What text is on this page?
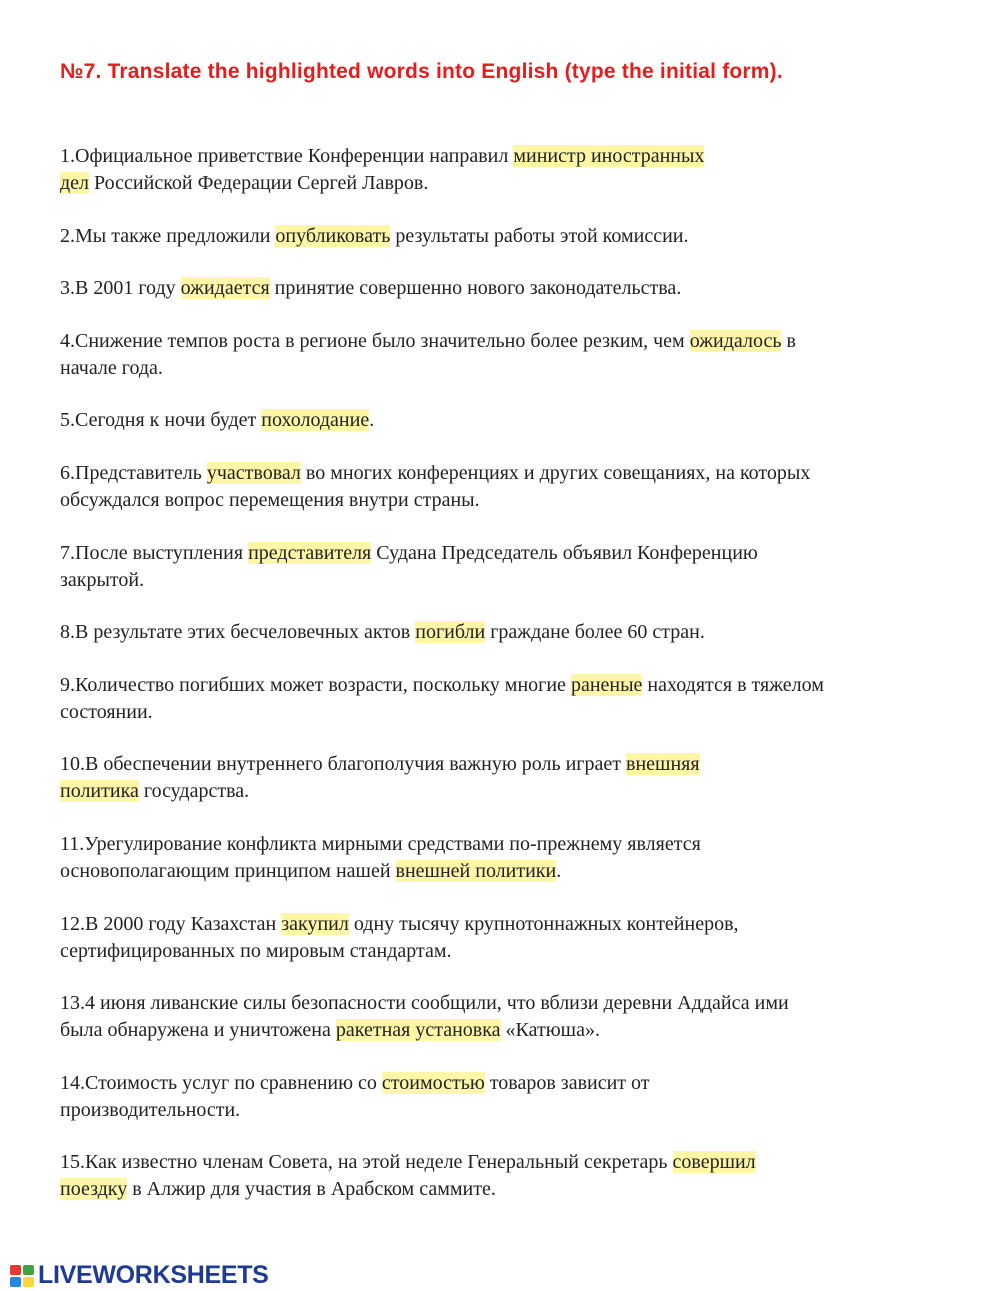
№7. Translate the highlighted words into English (type the initial form).
1.Официальное приветствие Конференции направил министр иностранных
дел Российской Федерации Сергей Лавров.
2.Мы также предложили опубликовать результаты работы этой комиссии.
3.В 2001 году ожидается принятие совершенно нового законодательства.
4.Снижение темпов роста в регионе было значительно более резким, чем ожидалось в
начале года.
5.Сегодня к ночи будет похолодание.
6.Представитель участвовал во многих конференциях и других совещаниях, на которых
обсуждался вопрос перемещения внутри страны.
7.После выступления представителя Судана Председатель объявил Конференцию
закрытой.
8.В результате этих бесчеловечных актов погибли граждане более 60 стран.
9.Количество погибших может возрасти, поскольку многие раненые находятся в тяжелом
состоянии.
10.В обеспечении внутреннего благополучия важную роль играет внешняя
политика государства.
11.Урегулирование конфликта мирными средствами по-прежнему является
основополагающим принципом нашей внешней политики.
12.В 2000 году Казахстан закупил одну тысячу крупнотоннажных контейнеров,
сертифицированных по мировым стандартам.
13.4 июня ливанские силы безопасности сообщили, что вблизи деревни Аддайса ими
была обнаружена и уничтожена ракетная установка «Катюша».
14.Стоимость услуг по сравнению со стоимостью товаров зависит от
производительности.
15.Как известно членам Совета, на этой неделе Генеральный секретарь совершил
поездку в Алжир для участия в Арабском саммите.
LIVEWORKSHEETS
